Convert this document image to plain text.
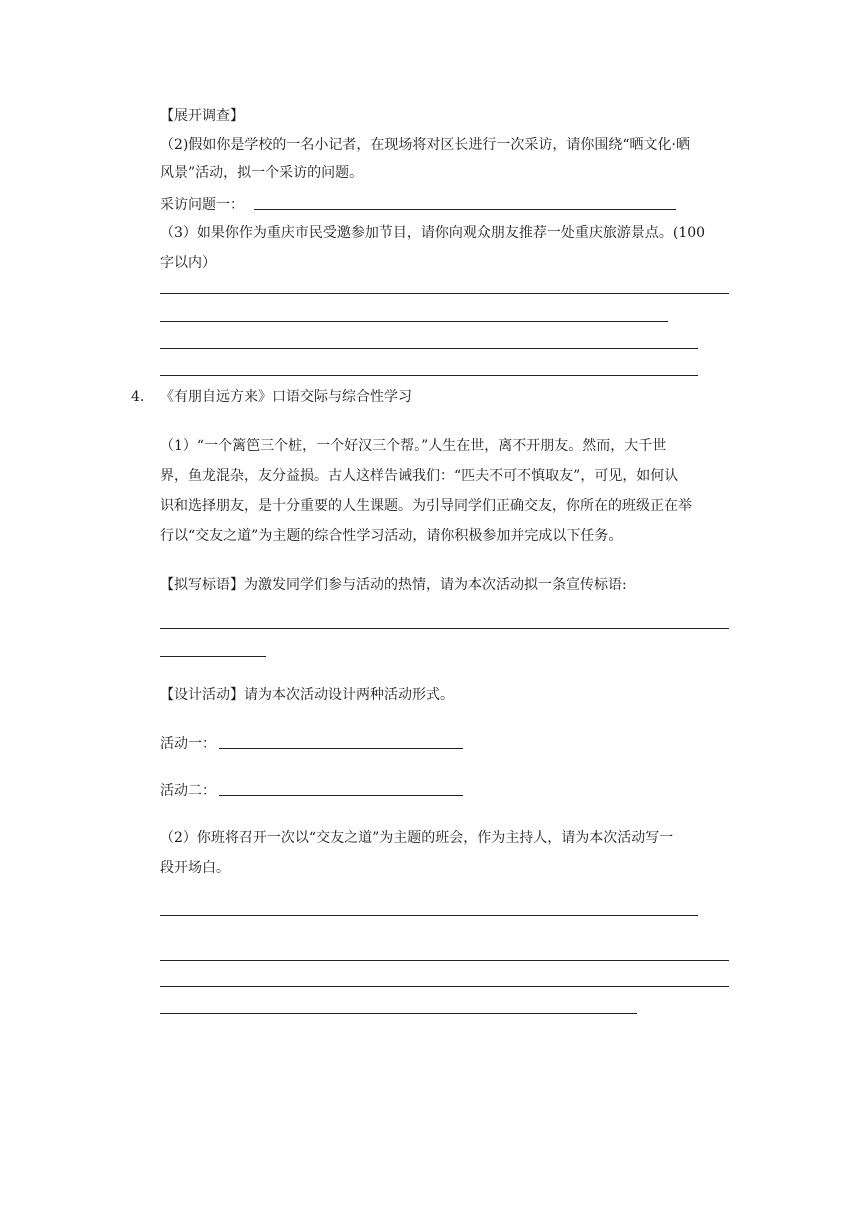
【展开调查】
（2)假如你是学校的一名小记者，在现场将对区长进行一次采访，请你围绕“晒文化·晒
风景”活动，拟一个采访的问题。
采访问题一：
（3）如果你作为重庆市民受邀参加节目，请你向观众朋友推荐一处重庆旅游景点。(100
字以内）
4. 《有朋自远方来》口语交际与综合性学习
（1）“一个篱笆三个桩，一个好汉三个帮。”人生在世，离不开朋友。然而，大千世
界，鱼龙混杂，友分益损。古人这样告诫我们：“匹夫不可不慎取友”，可见，如何认
识和选择朋友，是十分重要的人生课题。为引导同学们正确交友，你所在的班级正在举
行以“交友之道”为主题的综合性学习活动，请你积极参加并完成以下任务。
【拟写标语】为激发同学们参与活动的热情，请为本次活动拟一条宣传标语:
【设计活动】请为本次活动设计两种活动形式。
活动一：
活动二：
（2）你班将召开一次以“交友之道”为主题的班会，作为主持人，请为本次活动写一
段开场白。
